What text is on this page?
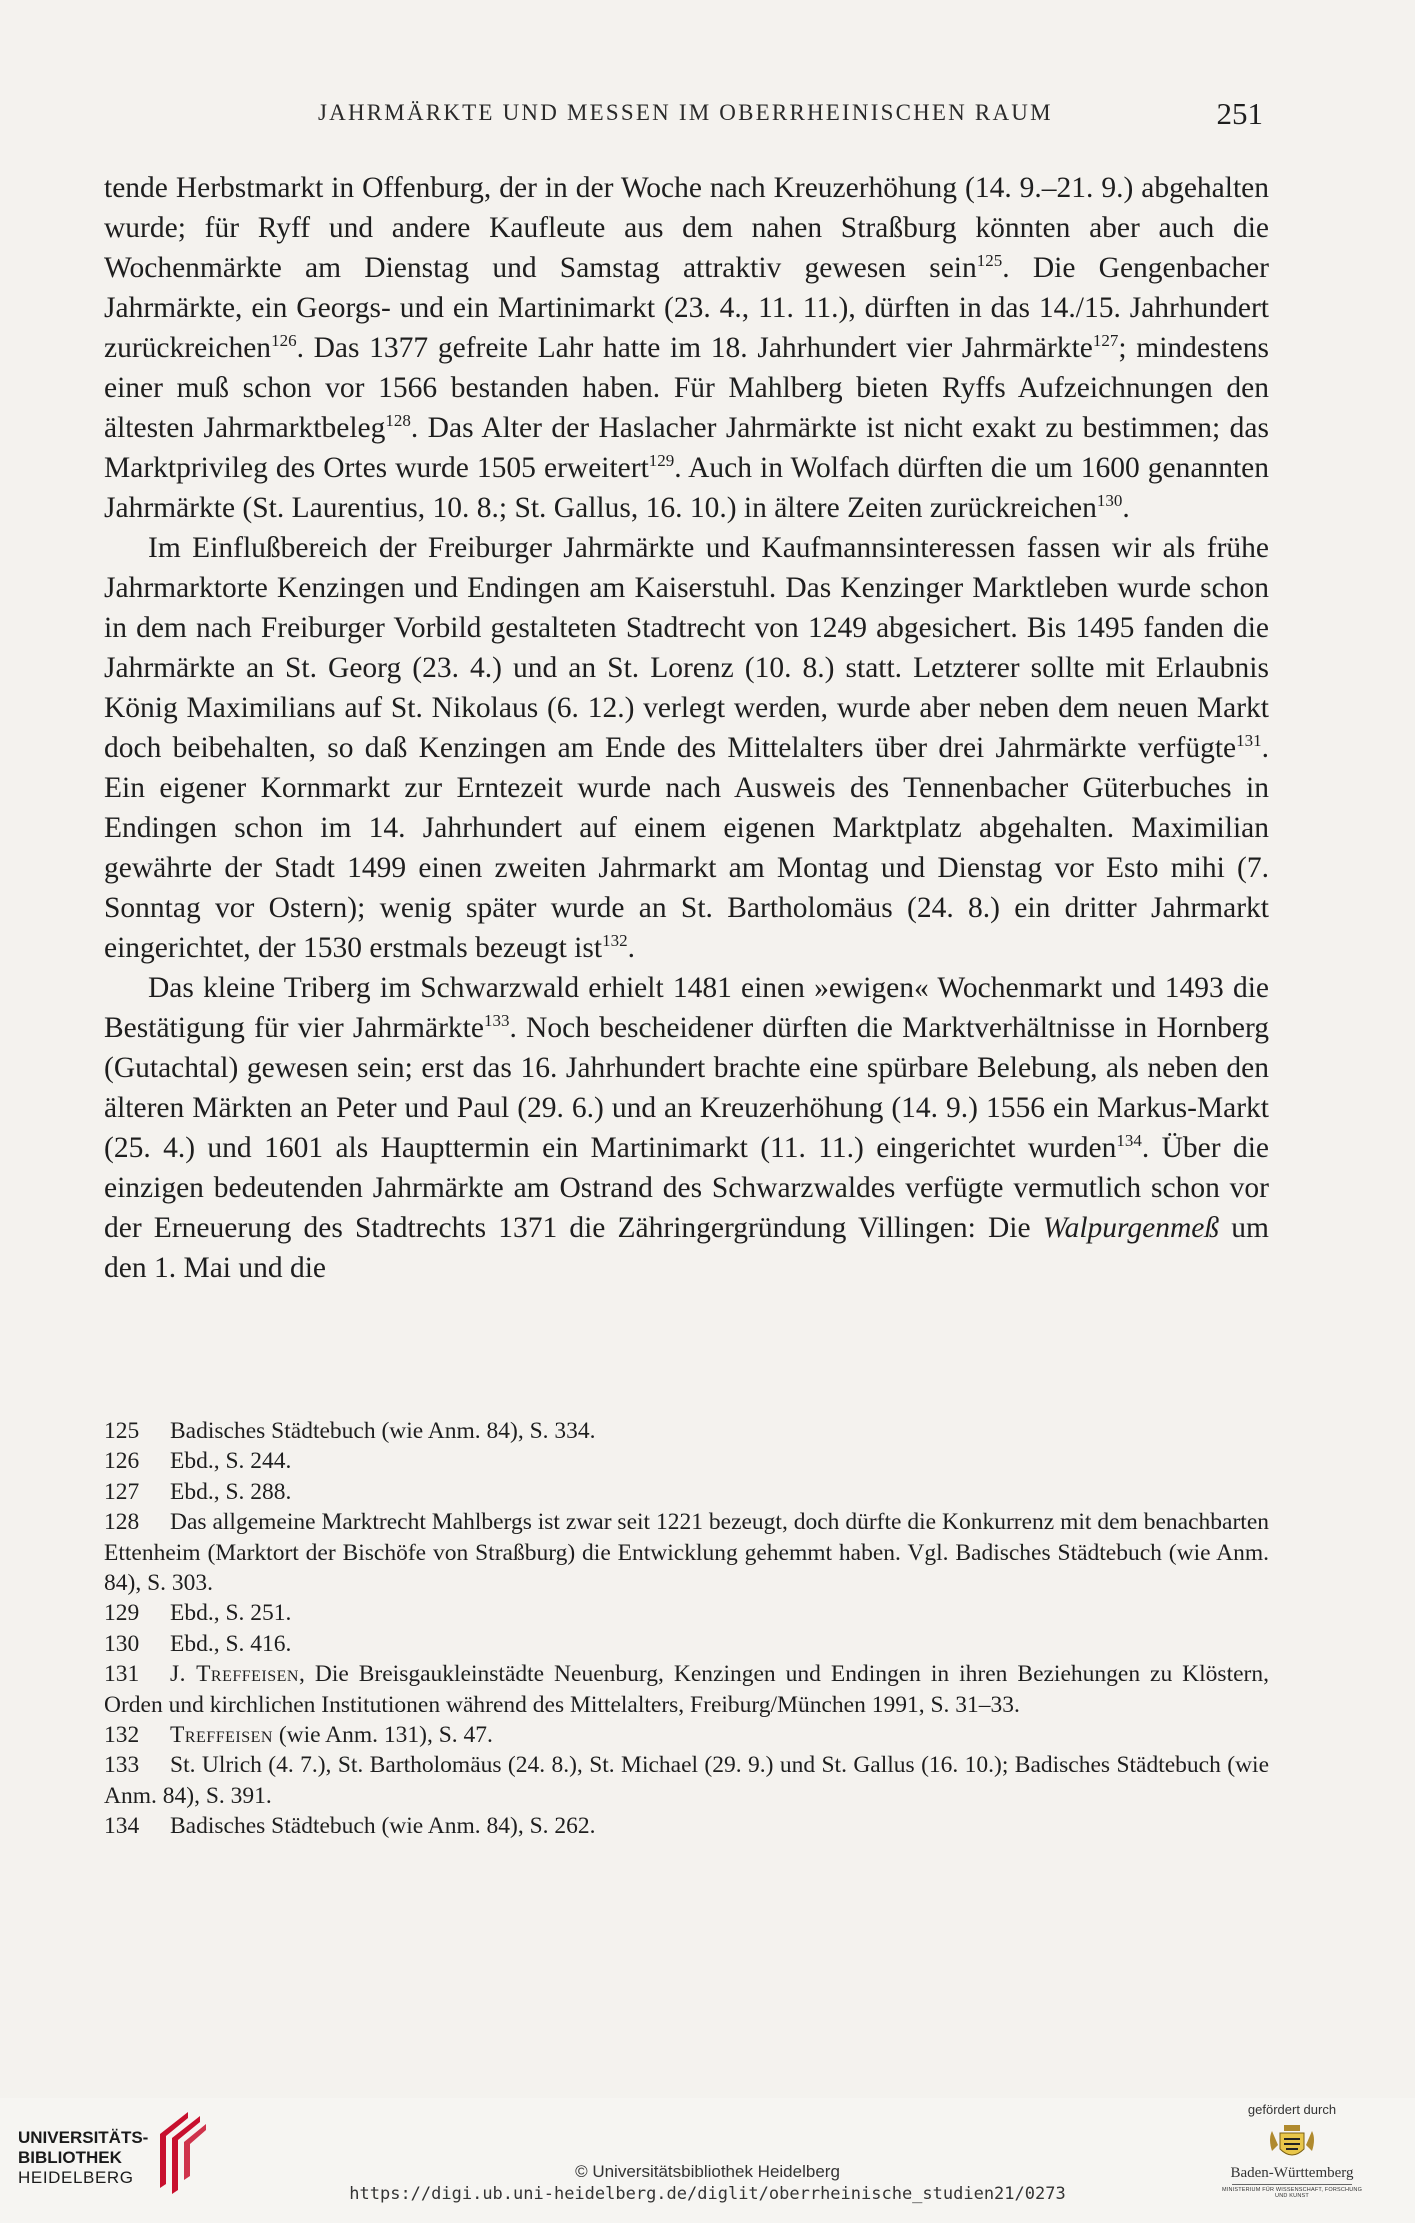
JAHRMÄRKTE UND MESSEN IM OBERRHEINISCHEN RAUM	251

tende Herbstmarkt in Offenburg, der in der Woche nach Kreuzerhöhung (14. 9.–21. 9.) abgehalten wurde; für Ryff und andere Kaufleute aus dem nahen Straßburg könnten aber auch die Wochenmärkte am Dienstag und Samstag attraktiv gewesen sein$^{125}$. Die Gengenbacher Jahrmärkte, ein Georgs- und ein Martinimarkt (23. 4., 11. 11.), dürften in das 14./15. Jahrhundert zurückreichen$^{126}$. Das 1377 gefreite Lahr hatte im 18. Jahrhundert vier Jahrmärkte$^{127}$; mindestens einer muß schon vor 1566 bestanden haben. Für Mahlberg bieten Ryffs Aufzeichnungen den ältesten Jahrmarktbeleg$^{128}$. Das Alter der Haslacher Jahrmärkte ist nicht exakt zu bestimmen; das Marktprivileg des Ortes wurde 1505 erweitert$^{129}$. Auch in Wolfach dürften die um 1600 genannten Jahrmärkte (St. Laurentius, 10. 8.; St. Gallus, 16. 10.) in ältere Zeiten zurückreichen$^{130}$.

Im Einflußbereich der Freiburger Jahrmärkte und Kaufmannsinteressen fassen wir als frühe Jahrmarktorte Kenzingen und Endingen am Kaiserstuhl. Das Kenzinger Marktleben wurde schon in dem nach Freiburger Vorbild gestalteten Stadtrecht von 1249 abgesichert. Bis 1495 fanden die Jahrmärkte an St. Georg (23. 4.) und an St. Lorenz (10. 8.) statt. Letzterer sollte mit Erlaubnis König Maximilians auf St. Nikolaus (6. 12.) verlegt werden, wurde aber neben dem neuen Markt doch beibehalten, so daß Kenzingen am Ende des Mittelalters über drei Jahrmärkte verfügte$^{131}$. Ein eigener Kornmarkt zur Erntezeit wurde nach Ausweis des Tennenbacher Güterbuches in Endingen schon im 14. Jahrhundert auf einem eigenen Marktplatz abgehalten. Maximilian gewährte der Stadt 1499 einen zweiten Jahrmarkt am Montag und Dienstag vor Esto mihi (7. Sonntag vor Ostern); wenig später wurde an St. Bartholomäus (24. 8.) ein dritter Jahrmarkt eingerichtet, der 1530 erstmals bezeugt ist$^{132}$.

Das kleine Triberg im Schwarzwald erhielt 1481 einen »ewigen« Wochenmarkt und 1493 die Bestätigung für vier Jahrmärkte$^{133}$. Noch bescheidener dürften die Marktverhältnisse in Hornberg (Gutachtal) gewesen sein; erst das 16. Jahrhundert brachte eine spürbare Belebung, als neben den älteren Märkten an Peter und Paul (29. 6.) und an Kreuzerhöhung (14. 9.) 1556 ein Markus-Markt (25. 4.) und 1601 als Haupttermin ein Martinimarkt (11. 11.) eingerichtet wurden$^{134}$. Über die einzigen bedeutenden Jahrmärkte am Ostrand des Schwarzwaldes verfügte vermutlich schon vor der Erneuerung des Stadtrechts 1371 die Zähringergründung Villingen: Die Walpurgenmeß um den 1. Mai und die

125 Badisches Städtebuch (wie Anm. 84), S. 334.

126 Ebd., S. 244.

127 Ebd., S. 288.

128 Das allgemeine Marktrecht Mahlbergs ist zwar seit 1221 bezeugt, doch dürfte die Konkurrenz mit dem benachbarten Ettenheim (Marktort der Bischöfe von Straßburg) die Entwicklung gehemmt haben. Vgl. Badisches Städtebuch (wie Anm. 84), S. 303.

129 Ebd., S. 251.

130 Ebd., S. 416.

131 J. Treffeisen, Die Breisgaukleinstädte Neuenburg, Kenzingen und Endingen in ihren Beziehungen zu Klöstern, Orden und kirchlichen Institutionen während des Mittelalters, Freiburg/München 1991, S. 31–33.

132 Treffeisen (wie Anm. 131), S. 47.

133 St. Ulrich (4. 7.), St. Bartholomäus (24. 8.), St. Michael (29. 9.) und St. Gallus (16. 10.); Badisches Städtebuch (wie Anm. 84), S. 391.

134 Badisches Städtebuch (wie Anm. 84), S. 262.

UNIVERSITÄTS-
BIBLIOTHEK
HEIDELBERG	© Universitätsbibliothek Heidelberg
https://digi.ub.uni-heidelberg.de/diglit/oberrheinische_studien21/0273
gefördert durch
Baden-Württemberg
MINISTERIUM FÜR WISSENSCHAFT, FORSCHUNG UND KUNST
